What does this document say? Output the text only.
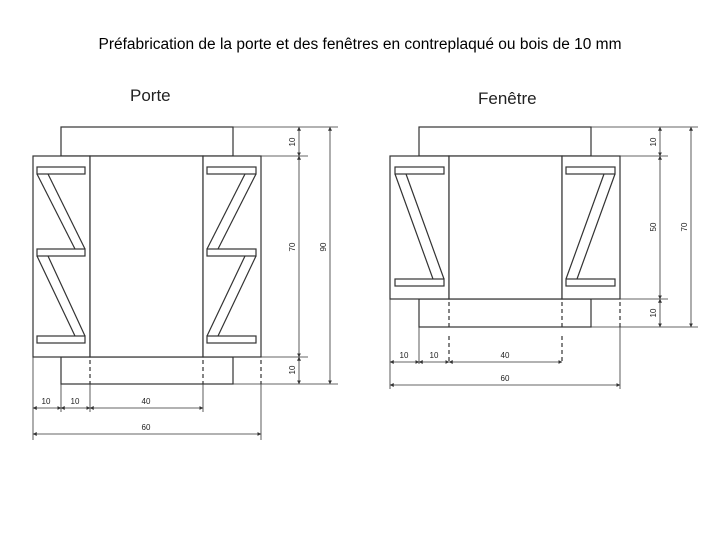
Préfabrication de la porte et des fenêtres en contreplaqué ou bois de 10 mm
Porte	Fenêtre
10
70
10
90
10	10	40
60
10
50
10
70
10	10	40
60
